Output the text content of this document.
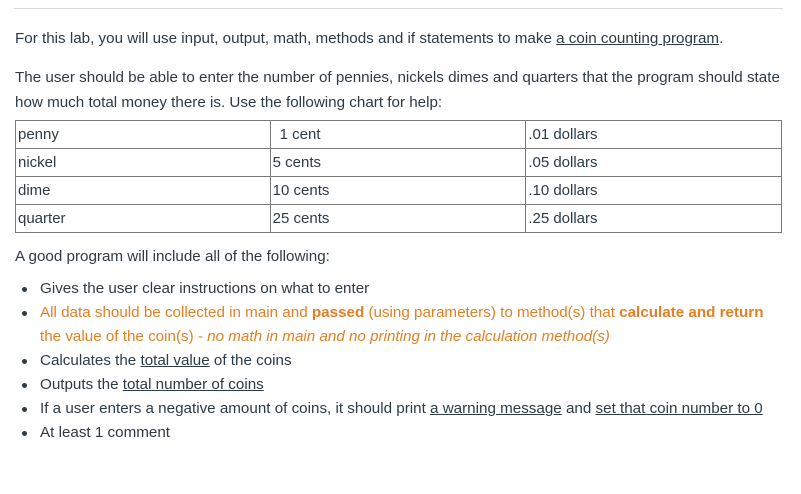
For this lab, you will use input, output, math, methods and if statements to make a coin counting program.

The user should be able to enter the number of pennies, nickels dimes and quarters that the program should state how much total money there is. Use the following chart for help:

penny	1 cent	.01 dollars
nickel	5 cents	.05 dollars
dime	10 cents	.10 dollars
quarter	25 cents	.25 dollars

A good program will include all of the following:

Gives the user clear instructions on what to enter
All data should be collected in main and passed (using parameters) to method(s) that calculate and return the value of the coin(s) - no math in main and no printing in the calculation method(s)
Calculates the total value of the coins
Outputs the total number of coins
If a user enters a negative amount of coins, it should print a warning message and set that coin number to 0
At least 1 comment
